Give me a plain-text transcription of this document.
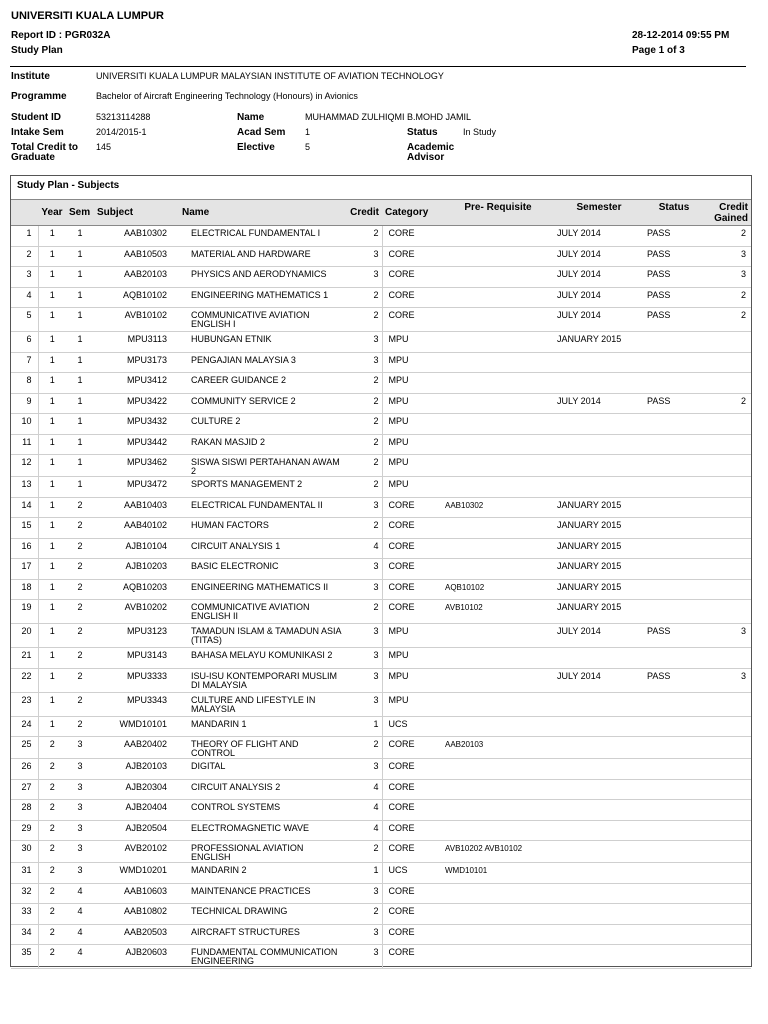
UNIVERSITI KUALA LUMPUR
Report ID : PGR032A
Study Plan
28-12-2014 09:55 PM
Page 1 of 3
Institute	UNIVERSITI KUALA LUMPUR MALAYSIAN INSTITUTE OF AVIATION TECHNOLOGY
Programme	Bachelor of Aircraft Engineering Technology (Honours) in Avionics
Student ID	53213114288	Name	MUHAMMAD ZULHIQMI B.MOHD JAMIL
Intake Sem	2014/2015-1	Acad Sem 1	Status	In Study
Total Credit to
Graduate
145	Elective	5	Academic
Advisor
Study Plan - Subjects
	Year	Sem	Subject	Name	Credit	Category	Pre- Requisite	Semester	Status	Credit
Gained
1	1	1	AAB10302	ELECTRICAL FUNDAMENTAL I	2	CORE		JULY 2014	PASS	2
2	1	1	AAB10503	MATERIAL AND HARDWARE	3	CORE		JULY 2014	PASS	3
3	1	1	AAB20103	PHYSICS AND AERODYNAMICS	3	CORE		JULY 2014	PASS	3
4	1	1	AQB10102	ENGINEERING MATHEMATICS 1	2	CORE		JULY 2014	PASS	2
5	1	1	AVB10102	COMMUNICATIVE AVIATION ENGLISH I	2	CORE		JULY 2014	PASS	2
6	1	1	MPU3113	HUBUNGAN ETNIK	3	MPU		JANUARY 2015		
7	1	1	MPU3173	PENGAJIAN MALAYSIA 3	3	MPU				
8	1	1	MPU3412	CAREER GUIDANCE 2	2	MPU				
9	1	1	MPU3422	COMMUNITY SERVICE 2	2	MPU		JULY 2014	PASS	2
10	1	1	MPU3432	CULTURE 2	2	MPU				
11	1	1	MPU3442	RAKAN MASJID 2	2	MPU				
12	1	1	MPU3462	SISWA SISWI PERTAHANAN AWAM 2	2	MPU				
13	1	1	MPU3472	SPORTS MANAGEMENT 2	2	MPU				
14	1	2	AAB10403	ELECTRICAL FUNDAMENTAL II	3	CORE	AAB10302	JANUARY 2015		
15	1	2	AAB40102	HUMAN FACTORS	2	CORE		JANUARY 2015		
16	1	2	AJB10104	CIRCUIT ANALYSIS 1	4	CORE		JANUARY 2015		
17	1	2	AJB10203	BASIC ELECTRONIC	3	CORE		JANUARY 2015		
18	1	2	AQB10203	ENGINEERING MATHEMATICS II	3	CORE	AQB10102	JANUARY 2015		
19	1	2	AVB10202	COMMUNICATIVE AVIATION ENGLISH II	2	CORE	AVB10102	JANUARY 2015		
20	1	2	MPU3123	TAMADUN ISLAM & TAMADUN ASIA (TITAS)	3	MPU		JULY 2014	PASS	3
21	1	2	MPU3143	BAHASA MELAYU KOMUNIKASI 2	3	MPU				
22	1	2	MPU3333	ISU-ISU KONTEMPORARI MUSLIM DI MALAYSIA	3	MPU		JULY 2014	PASS	3
23	1	2	MPU3343	CULTURE AND LIFESTYLE IN MALAYSIA	3	MPU				
24	1	2	WMD10101	MANDARIN 1	1	UCS				
25	2	3	AAB20402	THEORY OF FLIGHT AND CONTROL	2	CORE	AAB20103			
26	2	3	AJB20103	DIGITAL	3	CORE				
27	2	3	AJB20304	CIRCUIT ANALYSIS 2	4	CORE				
28	2	3	AJB20404	CONTROL SYSTEMS	4	CORE				
29	2	3	AJB20504	ELECTROMAGNETIC WAVE	4	CORE				
30	2	3	AVB20102	PROFESSIONAL AVIATION ENGLISH	2	CORE	AVB10202 AVB10102			
31	2	3	WMD10201	MANDARIN 2	1	UCS	WMD10101			
32	2	4	AAB10603	MAINTENANCE PRACTICES	3	CORE				
33	2	4	AAB10802	TECHNICAL DRAWING	2	CORE				
34	2	4	AAB20503	AIRCRAFT STRUCTURES	3	CORE				
35	2	4	AJB20603	FUNDAMENTAL COMMUNICATION ENGINEERING	3	CORE				
